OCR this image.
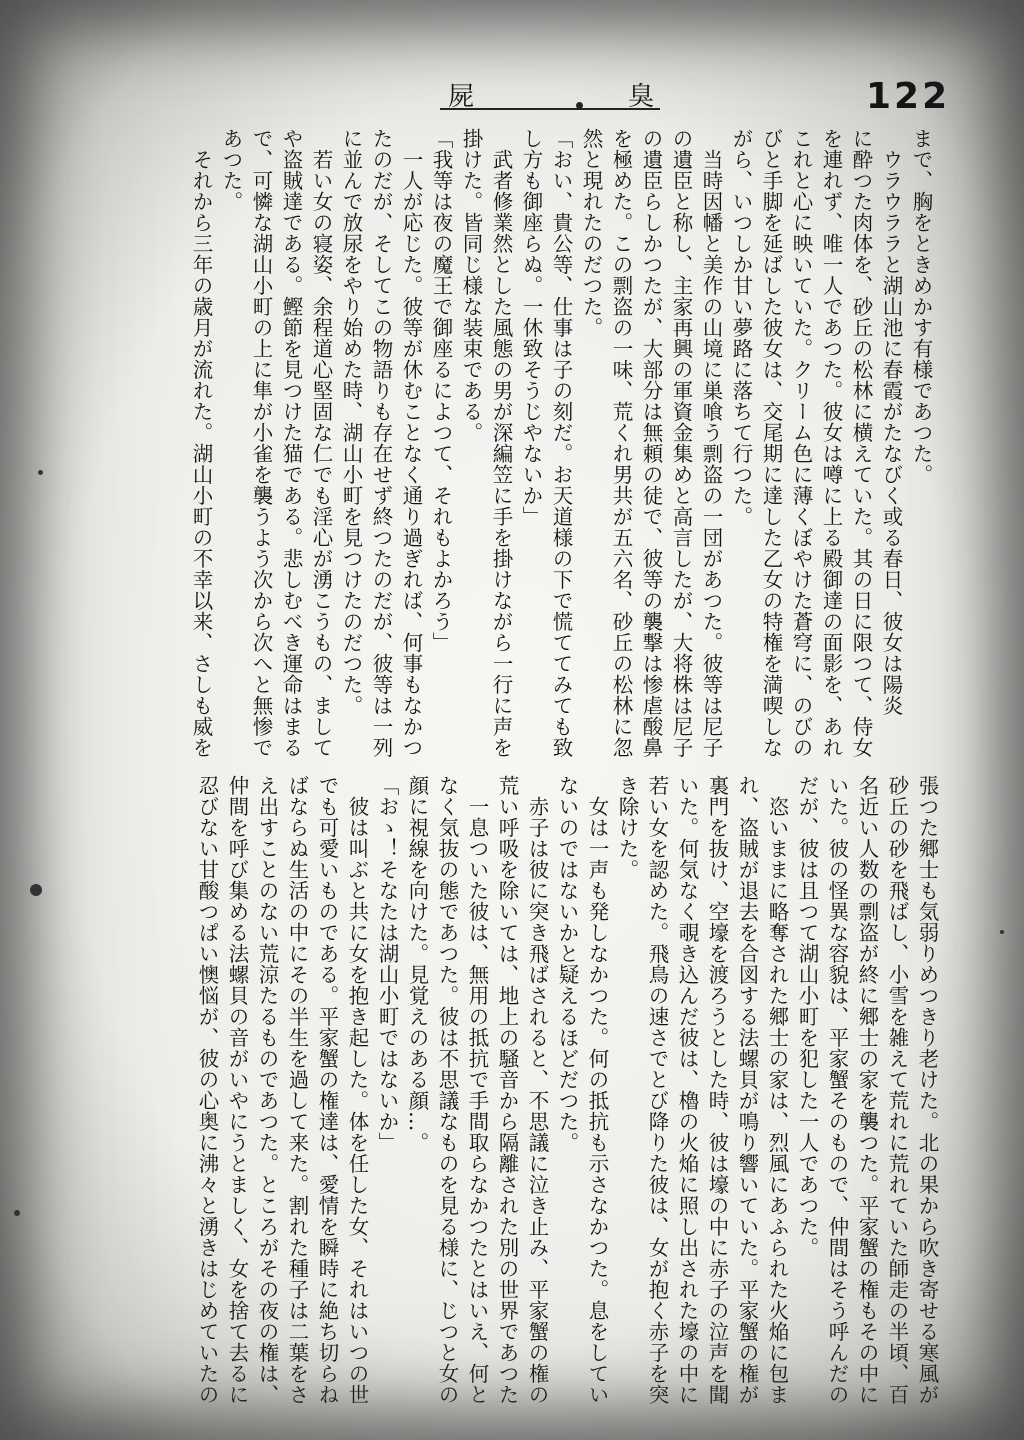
屍	臭	122

まで、胸をときめかす有様であつた。

　ウラウララと湖山池に春霞がたなびく或る春日、彼女は陽炎

に酔つた肉体を、砂丘の松林に横えていた。其の日に限つて、侍女

を連れず、唯一人であつた。彼女は噂に上る殿御達の面影を、あれ

これと心に映いていた。クリーム色に薄くぼやけた蒼穹に、のびの

びと手脚を延ばした彼女は、交尾期に達した乙女の特権を満喫しな

がら、いつしか甘い夢路に落ちて行つた。

　当時因幡と美作の山境に巣喰う剽盗の一団があつた。彼等は尼子

の遺臣と称し、主家再興の軍資金集めと高言したが、大将株は尼子

の遺臣らしかつたが、大部分は無頼の徒で、彼等の襲撃は惨虐酸鼻

を極めた。この剽盗の一味、荒くれ男共が五六名、砂丘の松林に忽

然と現れたのだつた。

「おい、貴公等、仕事は子の刻だ。お天道様の下で慌ててみても致

し方も御座らぬ。一休致そうじやないか」

　武者修業然とした風態の男が深編笠に手を掛けながら一行に声を

掛けた。皆同じ様な装束である。

「我等は夜の魔王で御座るによつて、それもよかろう」

　一人が応じた。彼等が休むことなく通り過ぎれば、何事もなかつ

たのだが、そしてこの物語りも存在せず終つたのだが、彼等は一列

に並んで放尿をやり始めた時、湖山小町を見つけたのだつた。

　若い女の寝姿、余程道心堅固な仁でも淫心が湧こうもの、まして

や盗賊達である。鰹節を見つけた猫である。悲しむべき運命はまる

で、可憐な湖山小町の上に隼が小雀を襲うよう次から次へと無惨で

あつた。

　それから三年の歳月が流れた。湖山小町の不幸以来、さしも威を

張つた郷士も気弱りめつきり老けた。北の果から吹き寄せる寒風が

砂丘の砂を飛ばし、小雪を雑えて荒れに荒れていた師走の半頃、百

名近い人数の剽盗が終に郷士の家を襲つた。平家蟹の権もその中に

いた。彼の怪異な容貌は、平家蟹そのもので、仲間はそう呼んだの

だが、彼は且つて湖山小町を犯した一人であつた。

　恣いままに略奪された郷士の家は、烈風にあふられた火焔に包ま

れ、盗賊が退去を合図する法螺貝が鳴り響いていた。平家蟹の権が

裏門を抜け、空壕を渡ろうとした時、彼は壕の中に赤子の泣声を聞

いた。何気なく覗き込んだ彼は、櫓の火焔に照し出された壕の中に

若い女を認めた。飛鳥の速さでとび降りた彼は、女が抱く赤子を突

き除けた。

　女は一声も発しなかつた。何の抵抗も示さなかつた。息をしてい

ないのではないかと疑えるほどだつた。

　赤子は彼に突き飛ばされると、不思議に泣き止み、平家蟹の権の

荒い呼吸を除いては、地上の騒音から隔離された別の世界であつた

　一息ついた彼は、無用の抵抗で手間取らなかつたとはいえ、何と

なく気抜の態であつた。彼は不思議なものを見る様に、じつと女の

顔に視線を向けた。見覚えのある顔…。

「おゝ！そなたは湖山小町ではないか」

　彼は叫ぶと共に女を抱き起した。体を任した女、それはいつの世

でも可愛いものである。平家蟹の権達は、愛情を瞬時に絶ち切らね

ばならぬ生活の中にその半生を過して来た。割れた種子は二葉をさ

え出すことのない荒涼たるものであつた。ところがその夜の権は、

仲間を呼び集める法螺貝の音がいやにうとましく、女を捨て去るに

忍びない甘酸つぱい懊悩が、彼の心奥に沸々と湧きはじめていたの
